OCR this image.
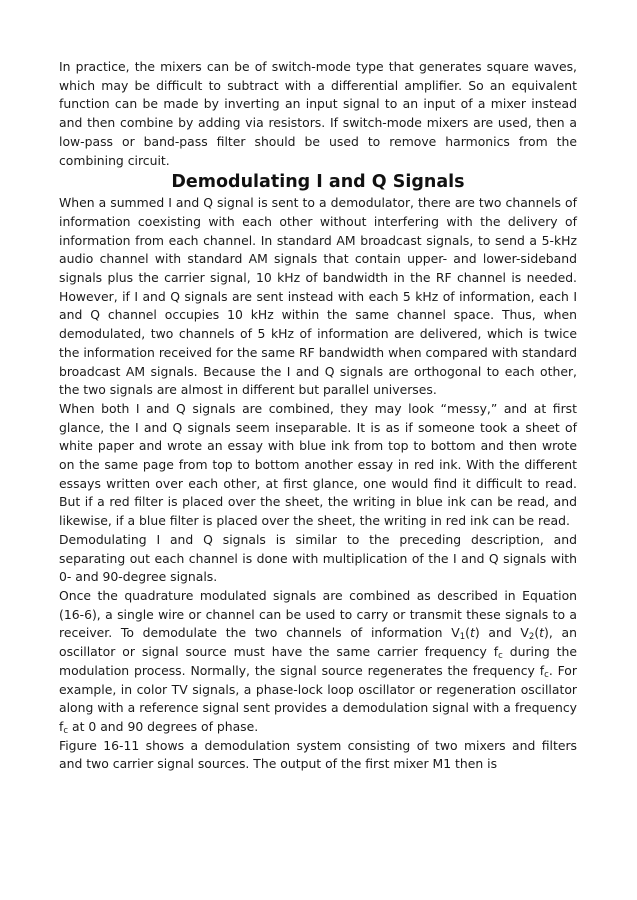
In practice, the mixers can be of switch-mode type that generates square waves, which may be difficult to subtract with a differential amplifier. So an equivalent function can be made by inverting an input signal to an input of a mixer instead and then combine by adding via resistors. If switch-mode mixers are used, then a low-pass or band-pass filter should be used to remove harmonics from the combining circuit.

Demodulating I and Q Signals

When a summed I and Q signal is sent to a demodulator, there are two channels of information coexisting with each other without interfering with the delivery of information from each channel. In standard AM broadcast signals, to send a 5-kHz audio channel with standard AM signals that contain upper- and lower-sideband signals plus the carrier signal, 10 kHz of bandwidth in the RF channel is needed. However, if I and Q signals are sent instead with each 5 kHz of information, each I and Q channel occupies 10 kHz within the same channel space. Thus, when demodulated, two channels of 5 kHz of information are delivered, which is twice the information received for the same RF bandwidth when compared with standard broadcast AM signals. Because the I and Q signals are orthogonal to each other, the two signals are almost in different but parallel universes.

When both I and Q signals are combined, they may look “messy,” and at first glance, the I and Q signals seem inseparable. It is as if someone took a sheet of white paper and wrote an essay with blue ink from top to bottom and then wrote on the same page from top to bottom another essay in red ink. With the different essays written over each other, at first glance, one would find it difficult to read. But if a red filter is placed over the sheet, the writing in blue ink can be read, and likewise, if a blue filter is placed over the sheet, the writing in red ink can be read.

Demodulating I and Q signals is similar to the preceding description, and separating out each channel is done with multiplication of the I and Q signals with 0- and 90-degree signals.

Once the quadrature modulated signals are combined as described in Equation (16-6), a single wire or channel can be used to carry or transmit these signals to a receiver. To demodulate the two channels of information $V_1(t)$ and $V_2(t)$, an oscillator or signal source must have the same carrier frequency $f_c$ during the modulation process. Normally, the signal source regenerates the frequency $f_c$. For example, in color TV signals, a phase-lock loop oscillator or regeneration oscillator along with a reference signal sent provides a demodulation signal with a frequency $f_c$ at 0 and 90 degrees of phase.

Figure 16-11 shows a demodulation system consisting of two mixers and filters and two carrier signal sources. The output of the first mixer M1 then is
